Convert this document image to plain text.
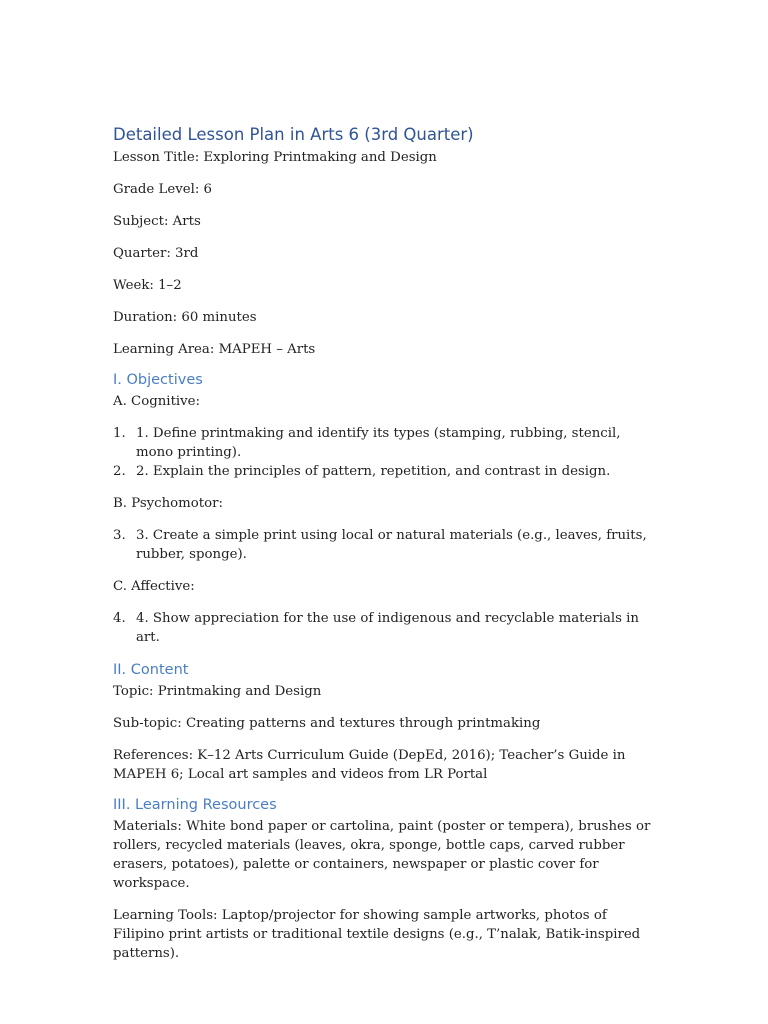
Detailed Lesson Plan in Arts 6 (3rd Quarter)

Lesson Title: Exploring Printmaking and Design

Grade Level: 6

Subject: Arts

Quarter: 3rd

Week: 1–2

Duration: 60 minutes

Learning Area: MAPEH – Arts

I. Objectives

A. Cognitive:

1. 1. Define printmaking and identify its types (stamping, rubbing, stencil, mono printing).
2. 2. Explain the principles of pattern, repetition, and contrast in design.

B. Psychomotor:

3. 3. Create a simple print using local or natural materials (e.g., leaves, fruits, rubber, sponge).

C. Affective:

4. 4. Show appreciation for the use of indigenous and recyclable materials in art.
II. Content

Topic: Printmaking and Design

Sub-topic: Creating patterns and textures through printmaking

References: K–12 Arts Curriculum Guide (DepEd, 2016); Teacher’s Guide in MAPEH 6; Local art samples and videos from LR Portal

III. Learning Resources

Materials: White bond paper or cartolina, paint (poster or tempera), brushes or rollers, recycled materials (leaves, okra, sponge, bottle caps, carved rubber erasers, potatoes), palette or containers, newspaper or plastic cover for workspace.

Learning Tools: Laptop/projector for showing sample artworks, photos of Filipino print artists or traditional textile designs (e.g., T’nalak, Batik-inspired patterns).
